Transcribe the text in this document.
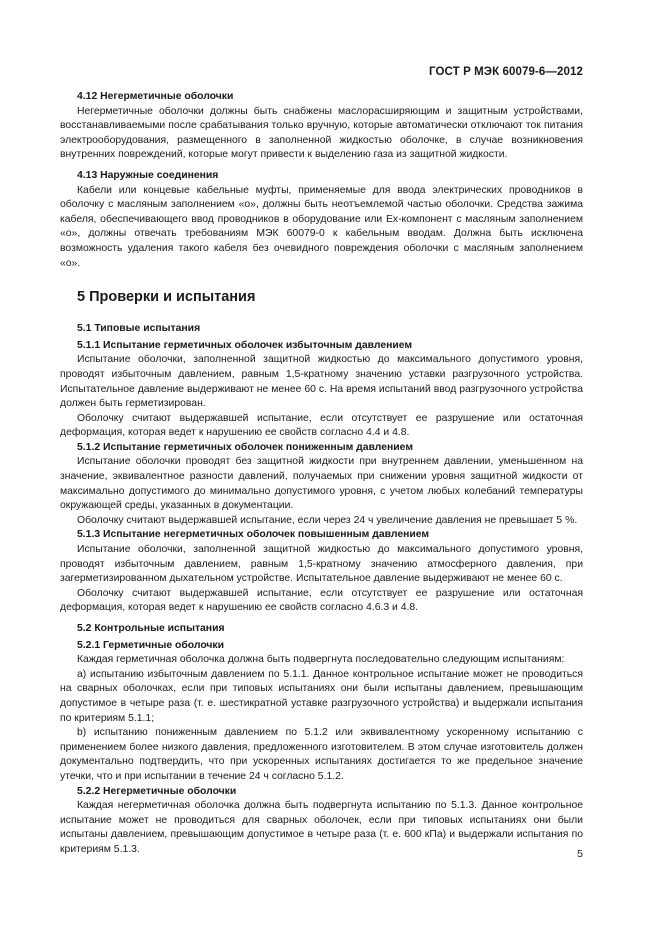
ГОСТ Р МЭК 60079-6—2012
4.12 Негерметичные оболочки
Негерметичные оболочки должны быть снабжены маслорасширяющим и защитным устройствами, восстанавливаемыми после срабатывания только вручную, которые автоматически отключают ток питания электрооборудования, размещенного в заполненной жидкостью оболочке, в случае возникновения внутренних повреждений, которые могут привести к выделению газа из защитной жидкости.
4.13 Наружные соединения
Кабели или концевые кабельные муфты, применяемые для ввода электрических проводников в оболочку с масляным заполнением «о», должны быть неотъемлемой частью оболочки. Средства зажима кабеля, обеспечивающего ввод проводников в оборудование или Ex-компонент с масляным заполнением «о», должны отвечать требованиям МЭК 60079-0 к кабельным вводам. Должна быть исключена возможность удаления такого кабеля без очевидного повреждения оболочки с масляным заполнением «о».
5 Проверки и испытания
5.1 Типовые испытания
5.1.1 Испытание герметичных оболочек избыточным давлением
Испытание оболочки, заполненной защитной жидкостью до максимального допустимого уровня, проводят избыточным давлением, равным 1,5-кратному значению уставки разгрузочного устройства. Испытательное давление выдерживают не менее 60 с. На время испытаний ввод разгрузочного устройства должен быть герметизирован.
Оболочку считают выдержавшей испытание, если отсутствует ее разрушение или остаточная деформация, которая ведет к нарушению ее свойств согласно 4.4 и 4.8.
5.1.2 Испытание герметичных оболочек пониженным давлением
Испытание оболочки проводят без защитной жидкости при внутреннем давлении, уменьшенном на значение, эквивалентное разности давлений, получаемых при снижении уровня защитной жидкости от максимально допустимого до минимально допустимого уровня, с учетом любых колебаний температуры окружающей среды, указанных в документации.
Оболочку считают выдержавшей испытание, если через 24 ч увеличение давления не превышает 5 %.
5.1.3 Испытание негерметичных оболочек повышенным давлением
Испытание оболочки, заполненной защитной жидкостью до максимального допустимого уровня, проводят избыточным давлением, равным 1,5-кратному значению атмосферного давления, при загерметизированном дыхательном устройстве. Испытательное давление выдерживают не менее 60 с.
Оболочку считают выдержавшей испытание, если отсутствует ее разрушение или остаточная деформация, которая ведет к нарушению ее свойств согласно 4.6.3 и 4.8.
5.2 Контрольные испытания
5.2.1 Герметичные оболочки
Каждая герметичная оболочка должна быть подвергнута последовательно следующим испытаниям:
a) испытанию избыточным давлением по 5.1.1. Данное контрольное испытание может не проводиться на сварных оболочках, если при типовых испытаниях они были испытаны давлением, превышающим допустимое в четыре раза (т. е. шестикратной уставке разгрузочного устройства) и выдержали испытания по критериям 5.1.1;
b) испытанию пониженным давлением по 5.1.2 или эквивалентному ускоренному испытанию с применением более низкого давления, предложенного изготовителем. В этом случае изготовитель должен документально подтвердить, что при ускоренных испытаниях достигается то же предельное значение утечки, что и при испытании в течение 24 ч согласно 5.1.2.
5.2.2 Негерметичные оболочки
Каждая негерметичная оболочка должна быть подвергнута испытанию по 5.1.3. Данное контрольное испытание может не проводиться для сварных оболочек, если при типовых испытаниях они были испытаны давлением, превышающим допустимое в четыре раза (т. е. 600 кПа) и выдержали испытания по критериям 5.1.3.	5
